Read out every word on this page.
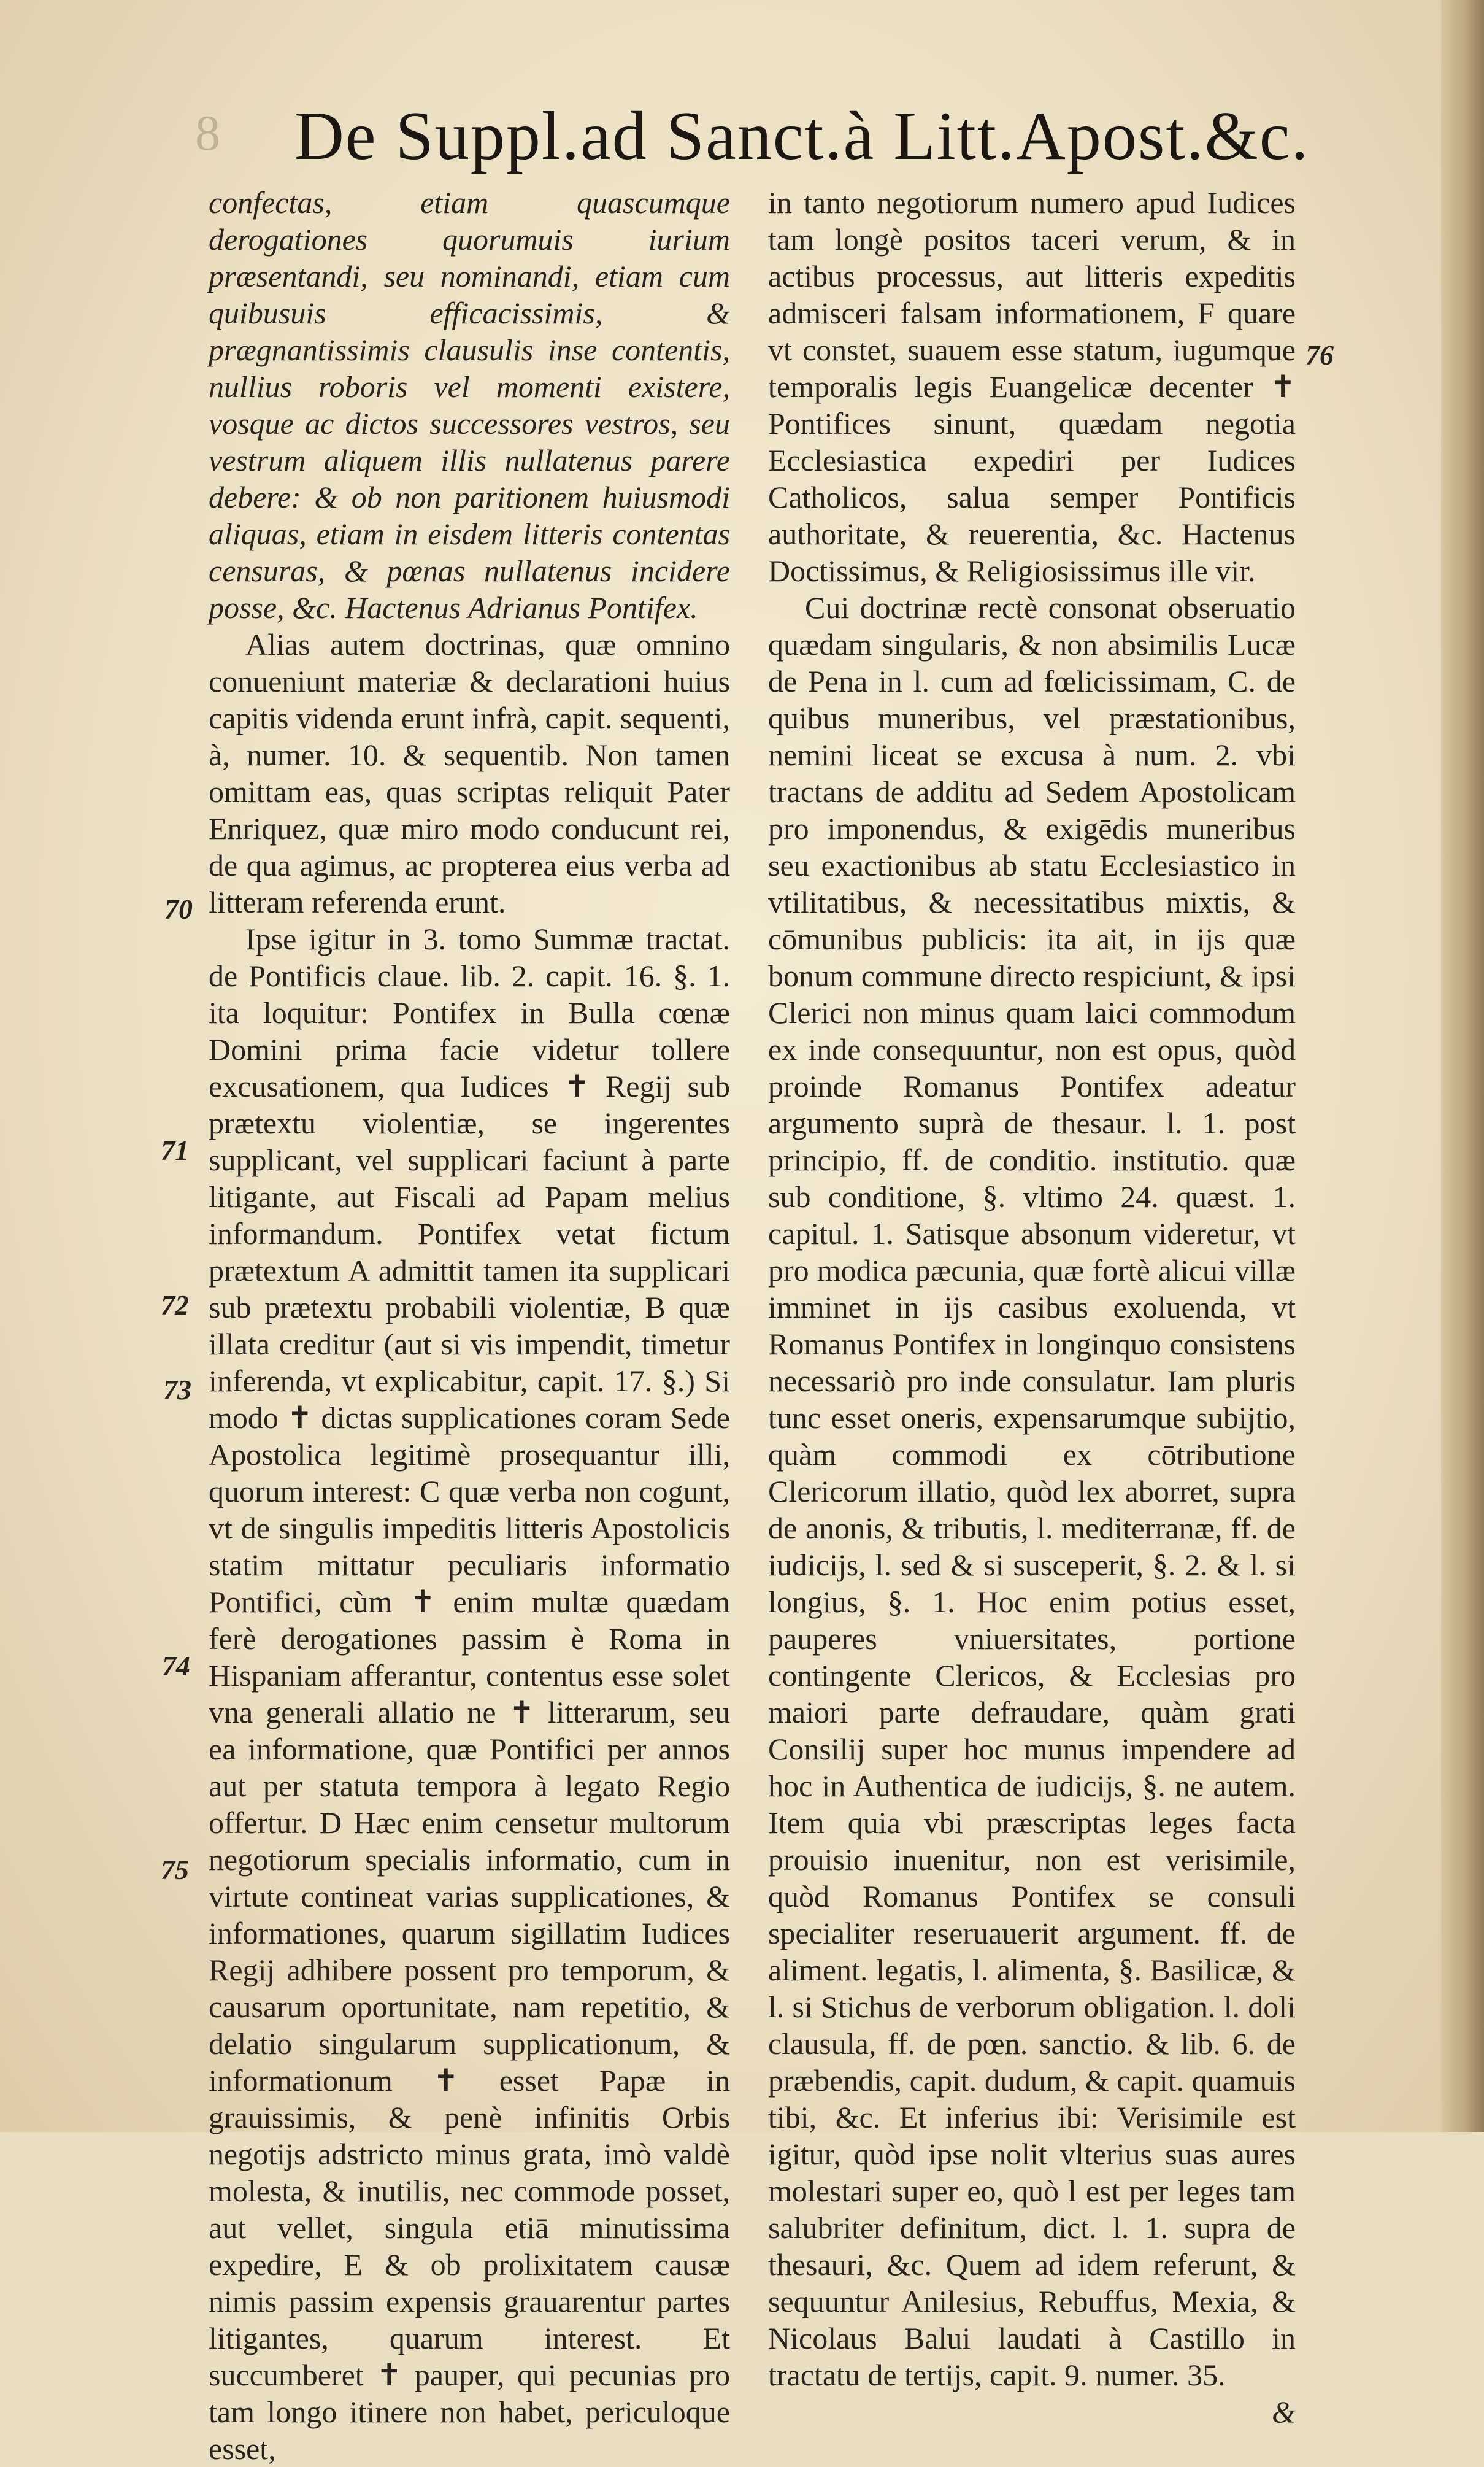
8 De Suppl.ad Sanct.à Litt.Apost.&c.

confectas, etiam quascumque derogationes quorumuis iurium præsentandi, seu nominandi, etiam cum quibusuis efficacissimis, & prægnantissimis clausulis inse contentis, nullius roboris vel momenti existere, vosque ac dictos successores vestros, seu vestrum aliquem illis nullatenus parere debere: & ob non paritionem huiusmodi aliquas, etiam in eisdem litteris contentas censuras, & pœnas nullatenus incidere posse, &c. Hactenus Adrianus Pontifex.

Alias autem doctrinas, quæ omnino conueniunt materiæ & declarationi huius capitis videnda erunt infrà, capit. sequenti, à, numer. 10. & sequentib. Non tamen omittam eas, quas scriptas reliquit Pater Enriquez, quæ miro modo conducunt rei, de qua agimus, ac propterea eius verba ad litteram referenda erunt.

Ipse igitur in 3. tomo Summæ tractat. de Pontificis claue. lib. 2. capit. 16. §. 1. ita loquitur: Pontifex in Bulla cœnæ Domini prima facie videtur tollere excusationem, qua Iudices ✝ Regij sub prætextu violentiæ, se ingerentes supplicant, vel supplicari faciunt à parte litigante, aut Fiscali ad Papam melius informandum. Pontifex vetat fictum prætextum A admittit tamen ita supplicari sub prætextu probabili violentiæ, B quæ illata creditur (aut si vis impendit, timetur inferenda, vt explicabitur, capit. 17. §.) Si modo ✝ dictas supplicationes coram Sede Apostolica legitimè prosequantur illi, quorum interest: C quæ verba non cogunt, vt de singulis impeditis litteris Apostolicis statim mittatur peculiaris informatio Pontifici, cùm ✝ enim multæ quædam ferè derogationes passim è Roma in Hispaniam afferantur, contentus esse solet vna generali allatio ne ✝ litterarum, seu ea informatione, quæ Pontifici per annos aut per statuta tempora à legato Regio offertur. D Hæc enim censetur multorum negotiorum specialis informatio, cum in virtute contineat varias supplicationes, & informationes, quarum sigillatim Iudices Regij adhibere possent pro temporum, & causarum oportunitate, nam repetitio, & delatio singularum supplicationum, & informationum ✝ esset Papæ in grauissimis, & penè infinitis Orbis negotijs adstricto minus grata, imò valdè molesta, & inutilis, nec commode posset, aut vellet, singula etiā minutissima expedire, E & ob prolixitatem causæ nimis passim expensis grauarentur partes litigantes, quarum interest. Et succumberet ✝ pauper, qui pecunias pro tam longo itinere non habet, periculoque esset,

in tanto negotiorum numero apud Iudices tam longè positos taceri verum, & in actibus processus, aut litteris expeditis admisceri falsam informationem, F quare vt constet, suauem esse statum, iugumque temporalis legis Euangelicæ decenter ✝ Pontifices sinunt, quædam negotia Ecclesiastica expediri per Iudices Catholicos, salua semper Pontificis authoritate, & reuerentia, &c. Hactenus Doctissimus, & Religiosissimus ille vir.

Cui doctrinæ rectè consonat obseruatio quædam singularis, & non absimilis Lucæ de Pena in l. cum ad fœlicissimam, C. de quibus muneribus, vel præstationibus, nemini liceat se excusa à num. 2. vbi tractans de additu ad Sedem Apostolicam pro imponendus, & exigēdis muneribus seu exactionibus ab statu Ecclesiastico in vtilitatibus, & necessitatibus mixtis, & cōmunibus publicis: ita ait, in ijs quæ bonum commune directo respiciunt, & ipsi Clerici non minus quam laici commodum ex inde consequuntur, non est opus, quòd proinde Romanus Pontifex adeatur argumento suprà de thesaur. l. 1. post principio, ff. de conditio. institutio. quæ sub conditione, §. vltimo 24. quæst. 1. capitul. 1. Satisque absonum videretur, vt pro modica pæcunia, quæ fortè alicui villæ imminet in ijs casibus exoluenda, vt Romanus Pontifex in longinquo consistens necessariò pro inde consulatur. Iam pluris tunc esset oneris, expensarumque subijtio, quàm commodi ex cōtributione Clericorum illatio, quòd lex aborret, supra de anonis, & tributis, l. mediterranæ, ff. de iudicijs, l. sed & si susceperit, §. 2. & l. si longius, §. 1. Hoc enim potius esset, pauperes vniuersitates, portione contingente Clericos, & Ecclesias pro maiori parte defraudare, quàm grati Consilij super hoc munus impendere ad hoc in Authentica de iudicijs, §. ne autem. Item quia vbi præscriptas leges facta prouisio inuenitur, non est verisimile, quòd Romanus Pontifex se consuli specialiter reseruauerit argument. ff. de aliment. legatis, l. alimenta, §. Basilicæ, & l. si Stichus de verborum obligation. l. doli clausula, ff. de pœn. sanctio. & lib. 6. de præbendis, capit. dudum, & capit. quamuis tibi, &c. Et inferius ibi: Verisimile est igitur, quòd ipse nolit vlterius suas aures molestari super eo, quò l est per leges tam salubriter definitum, dict. l. 1. supra de thesauri, &c. Quem ad idem referunt, & sequuntur Anilesius, Rebuffus, Mexia, & Nicolaus Balui laudati à Castillo in tractatu de tertijs, capit. 9. numer. 35.

&

70
71
72
73
74
75
76
